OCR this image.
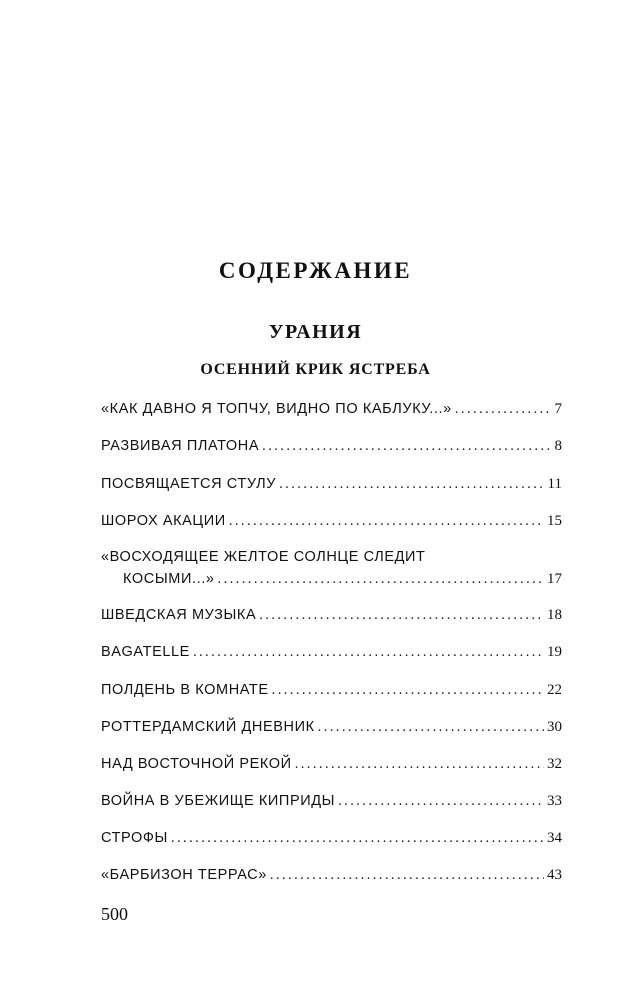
СОДЕРЖАНИЕ
УРАНИЯ
ОСЕННИЙ КРИК ЯСТРЕБА
«КАК ДАВНО Я ТОПЧУ, ВИДНО ПО КАБЛУКУ...» . . .	7
РАЗВИВАЯ ПЛАТОНА . . .	8
ПОСВЯЩАЕТСЯ СТУЛУ . . .	11
ШОРОХ АКАЦИИ . . .	15
«ВОСХОДЯЩЕЕ ЖЕЛТОЕ СОЛНЦЕ СЛЕДИТ
КОСЫМИ...» . . .	17
ШВЕДСКАЯ МУЗЫКА . . .	18
BAGATELLE . . .	19
ПОЛДЕНЬ В КОМНАТЕ . . .	22
РОТТЕРДАМСКИЙ ДНЕВНИК . . .	30
НАД ВОСТОЧНОЙ РЕКОЙ . . .	32
ВОЙНА В УБЕЖИЩЕ КИПРИДЫ . . .	33
СТРОФЫ . . .	34
«БАРБИЗОН ТЕРРАС» . . .	43
500
